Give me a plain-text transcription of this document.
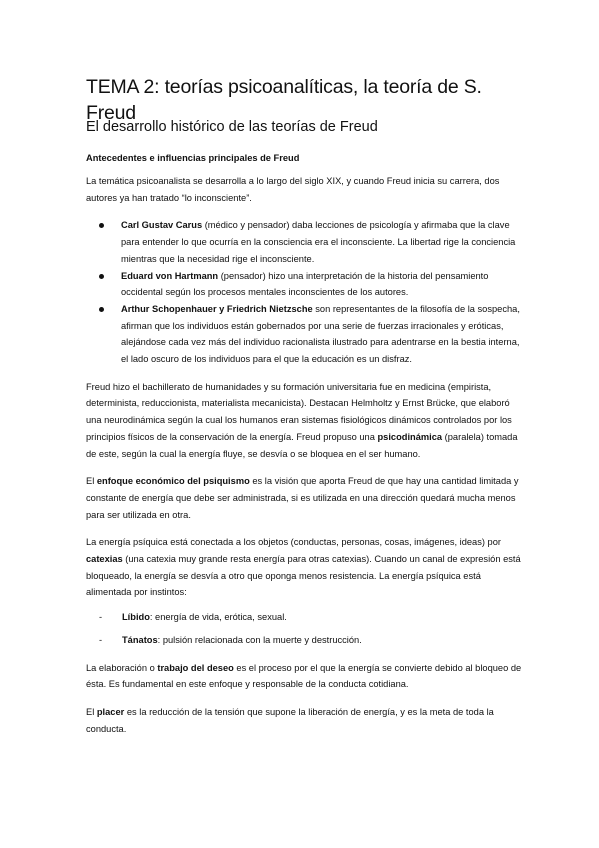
TEMA 2: teorías psicoanalíticas, la teoría de S. Freud
El desarrollo histórico de las teorías de Freud
Antecedentes e influencias principales de Freud

La temática psicoanalista se desarrolla a lo largo del siglo XIX, y cuando Freud inicia su carrera, dos autores ya han tratado “lo inconsciente”.

Carl Gustav Carus (médico y pensador) daba lecciones de psicología y afirmaba que la clave para entender lo que ocurría en la consciencia era el inconsciente. La libertad rige la conciencia mientras que la necesidad rige el inconsciente.
Eduard von Hartmann (pensador) hizo una interpretación de la historia del pensamiento occidental según los procesos mentales inconscientes de los autores.
Arthur Schopenhauer y Friedrich Nietzsche son representantes de la filosofía de la sospecha, afirman que los individuos están gobernados por una serie de fuerzas irracionales y eróticas, alejándose cada vez más del individuo racionalista ilustrado para adentrarse en la bestia interna, el lado oscuro de los individuos para el que la educación es un disfraz.

Freud hizo el bachillerato de humanidades y su formación universitaria fue en medicina (empirista, determinista, reduccionista, materialista mecanicista). Destacan Helmholtz y Ernst Brücke, que elaboró una neurodinámica según la cual los humanos eran sistemas fisiológicos dinámicos controlados por los principios físicos de la conservación de la energía. Freud propuso una psicodinámica (paralela) tomada de este, según la cual la energía fluye, se desvía o se bloquea en el ser humano.

El enfoque económico del psiquismo es la visión que aporta Freud de que hay una cantidad limitada y constante de energía que debe ser administrada, si es utilizada en una dirección quedará mucha menos para ser utilizada en otra.

La energía psíquica está conectada a los objetos (conductas, personas, cosas, imágenes, ideas) por catexias (una catexia muy grande resta energía para otras catexias). Cuando un canal de expresión está bloqueado, la energía se desvía a otro que oponga menos resistencia. La energía psíquica está alimentada por instintos:

- Líbido: energía de vida, erótica, sexual.
- Tánatos: pulsión relacionada con la muerte y destrucción.

La elaboración o trabajo del deseo es el proceso por el que la energía se convierte debido al bloqueo de ésta. Es fundamental en este enfoque y responsable de la conducta cotidiana.

El placer es la reducción de la tensión que supone la liberación de energía, y es la meta de toda la conducta.
